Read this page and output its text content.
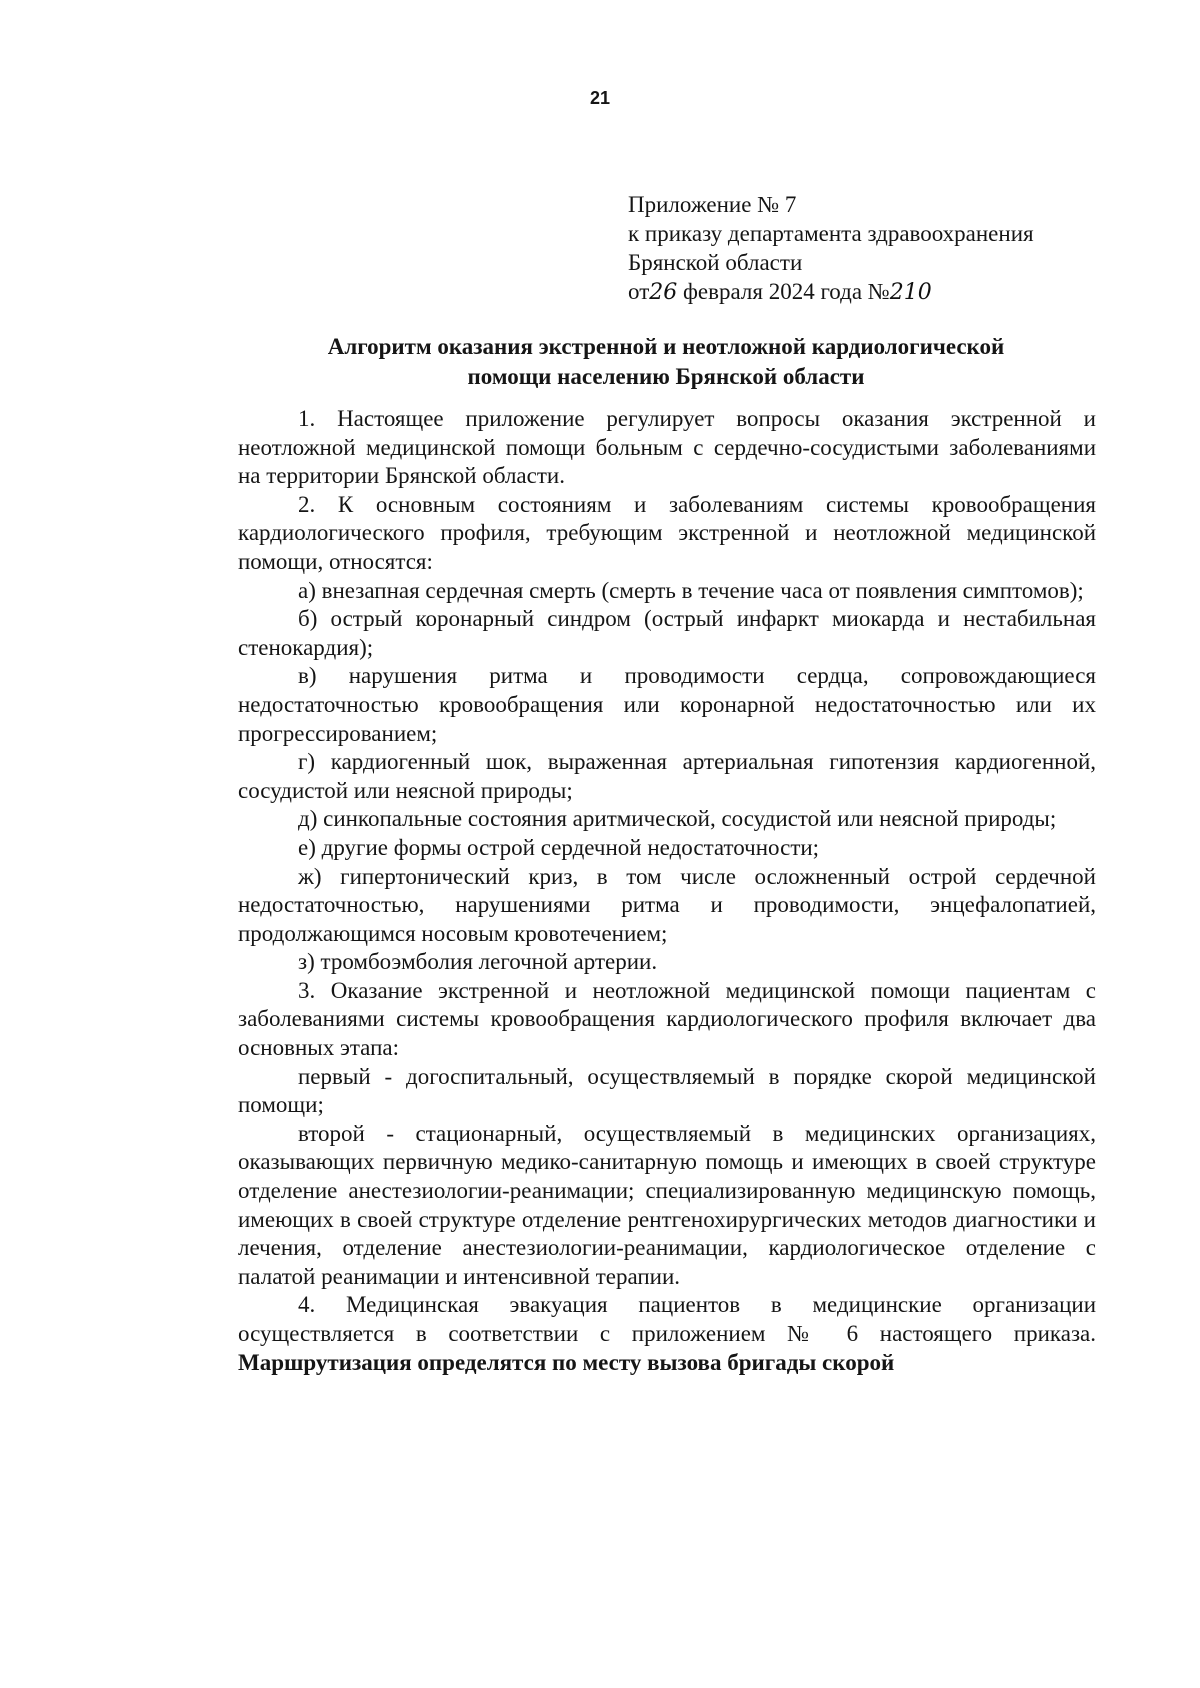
21
Приложение № 7
к приказу департамента здравоохранения
Брянской области
от26 февраля 2024 года №210
Алгоритм оказания экстренной и неотложной кардиологической
помощи населению Брянской области

1. Настоящее приложение регулирует вопросы оказания экстренной и неотложной медицинской помощи больным с сердечно-сосудистыми заболеваниями на территории Брянской области.

2. К основным состояниям и заболеваниям системы кровообращения кардиологического профиля, требующим экстренной и неотложной медицинской помощи, относятся:

а) внезапная сердечная смерть (смерть в течение часа от появления симптомов);

б) острый коронарный синдром (острый инфаркт миокарда и нестабильная стенокардия);

в) нарушения ритма и проводимости сердца, сопровождающиеся недостаточностью кровообращения или коронарной недостаточностью или их прогрессированием;

г) кардиогенный шок, выраженная артериальная гипотензия кардиогенной, сосудистой или неясной природы;

д) синкопальные состояния аритмической, сосудистой или неясной природы;

е) другие формы острой сердечной недостаточности;

ж) гипертонический криз, в том числе осложненный острой сердечной недостаточностью, нарушениями ритма и проводимости, энцефалопатией, продолжающимся носовым кровотечением;

з) тромбоэмболия легочной артерии.

3. Оказание экстренной и неотложной медицинской помощи пациентам с заболеваниями системы кровообращения кардиологического профиля включает два основных этапа:

первый - догоспитальный, осуществляемый в порядке скорой медицинской помощи;

второй - стационарный, осуществляемый в медицинских организациях, оказывающих первичную медико-санитарную помощь и имеющих в своей структуре отделение анестезиологии-реанимации; специализированную медицинскую помощь, имеющих в своей структуре отделение рентгенохирургических методов диагностики и лечения, отделение анестезиологии-реанимации, кардиологическое отделение с палатой реанимации и интенсивной терапии.

4. Медицинская эвакуация пациентов в медицинские организации осуществляется в соответствии с приложением № 6 настоящего приказа. Маршрутизация определятся по месту вызова бригады скорой
